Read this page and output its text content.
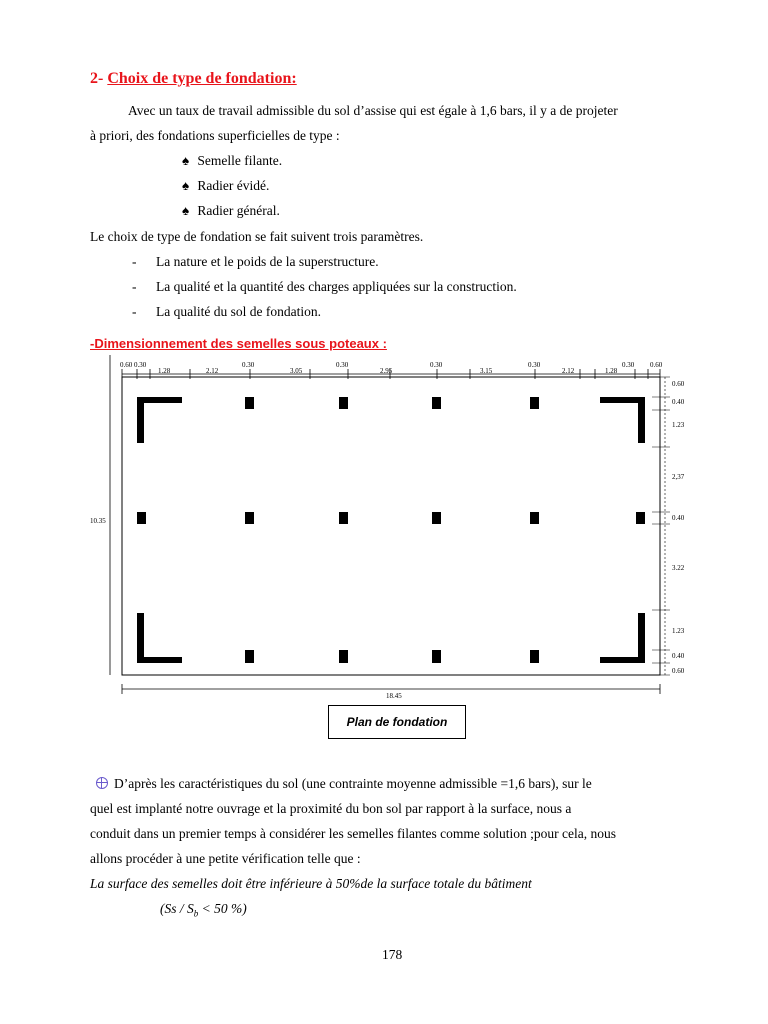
2- Choix de type de fondation:
Avec un taux de travail admissible du sol d’assise qui est égale à 1,6 bars, il y a de projeter
à priori, des fondations superficielles de type :
♠ Semelle filante.
♠ Radier évidé.
♠ Radier général.
Le choix de type de fondation se fait suivent trois paramètres.
- La nature et le poids de la superstructure.
- La qualité et la quantité des charges appliquées sur la construction.
- La qualité du sol de fondation.
-Dimensionnement des semelles sous poteaux :
0.60 0.30
1.28	2.12
0.30
3.05
0.30
2.95
0.30
3.15
0.30
2.12	1.28
0.30 0.60
10.35
0.60
0.40
1.23
2,37
0.40
3.22
1.23
0.40
0.60
18.45
Plan de fondation
D’après les caractéristiques du sol (une contrainte moyenne admissible =1,6 bars), sur le
quel est implanté notre ouvrage et la proximité du bon sol par rapport à la surface, nous a
conduit dans un premier temps à considérer les semelles filantes comme solution ;pour cela, nous
allons procéder à une petite vérification telle que :
La surface des semelles doit être inférieure à 50%de la surface totale du bâtiment
($Ss / S_b < 50$ %)
178
